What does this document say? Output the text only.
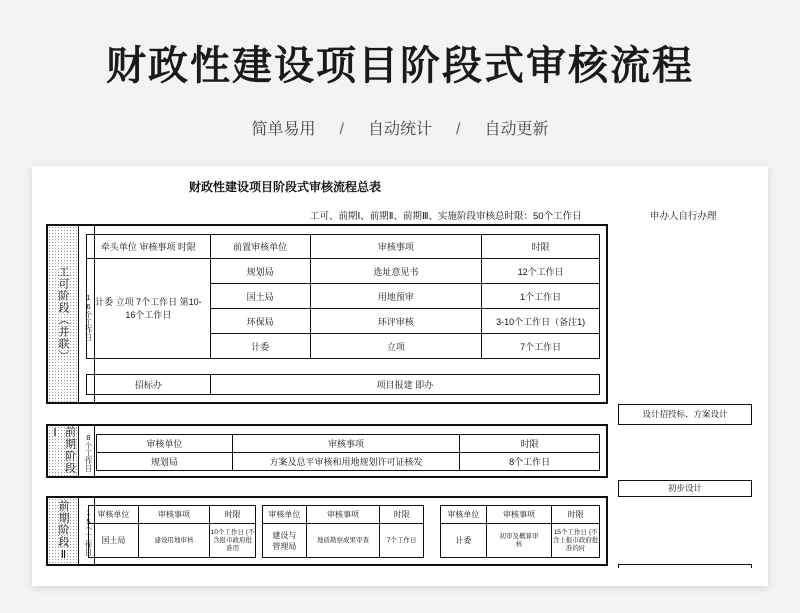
财政性建设项目阶段式审核流程
简单易用 / 自动统计 / 自动更新
财政性建设项目阶段式审核流程总表
工可、前期Ⅰ、前期Ⅱ、前期Ⅲ、实施阶段审核总时限：50个工作日	申办人自行办理
设计招投标、方案设计
初步设计
工可阶段（并联）	16个工作日
牵头单位 审核事项 时限	前置审核单位	审核事项	时限
计委 立项 7个工作日 第10-16个工作日	规划局	选址意见书	12个工作日
	国土局	用地预审	1个工作日
	环保局	环评审核	3-10个工作日（备注1)
	计委	立项	7个工作日
招标办	项目报建 即办
前期阶段Ⅰ	8个工作日	审核单位	审核事项	时限
规划局	方案及总平审核和用地规划许可证核发	8个工作日
前期阶段Ⅱ	15个工作日 审核单位	审核事项	时限
国土局	建设用地审核	10个工作日 (不含报市政府批准用
审核单位	审核事项	时限
建设与管理局	地质勘察成果审查	7个工作日
审核单位	审核事项	时限
计委	初审及概算审核	15个工作日 (不含上报市政府批准的时
